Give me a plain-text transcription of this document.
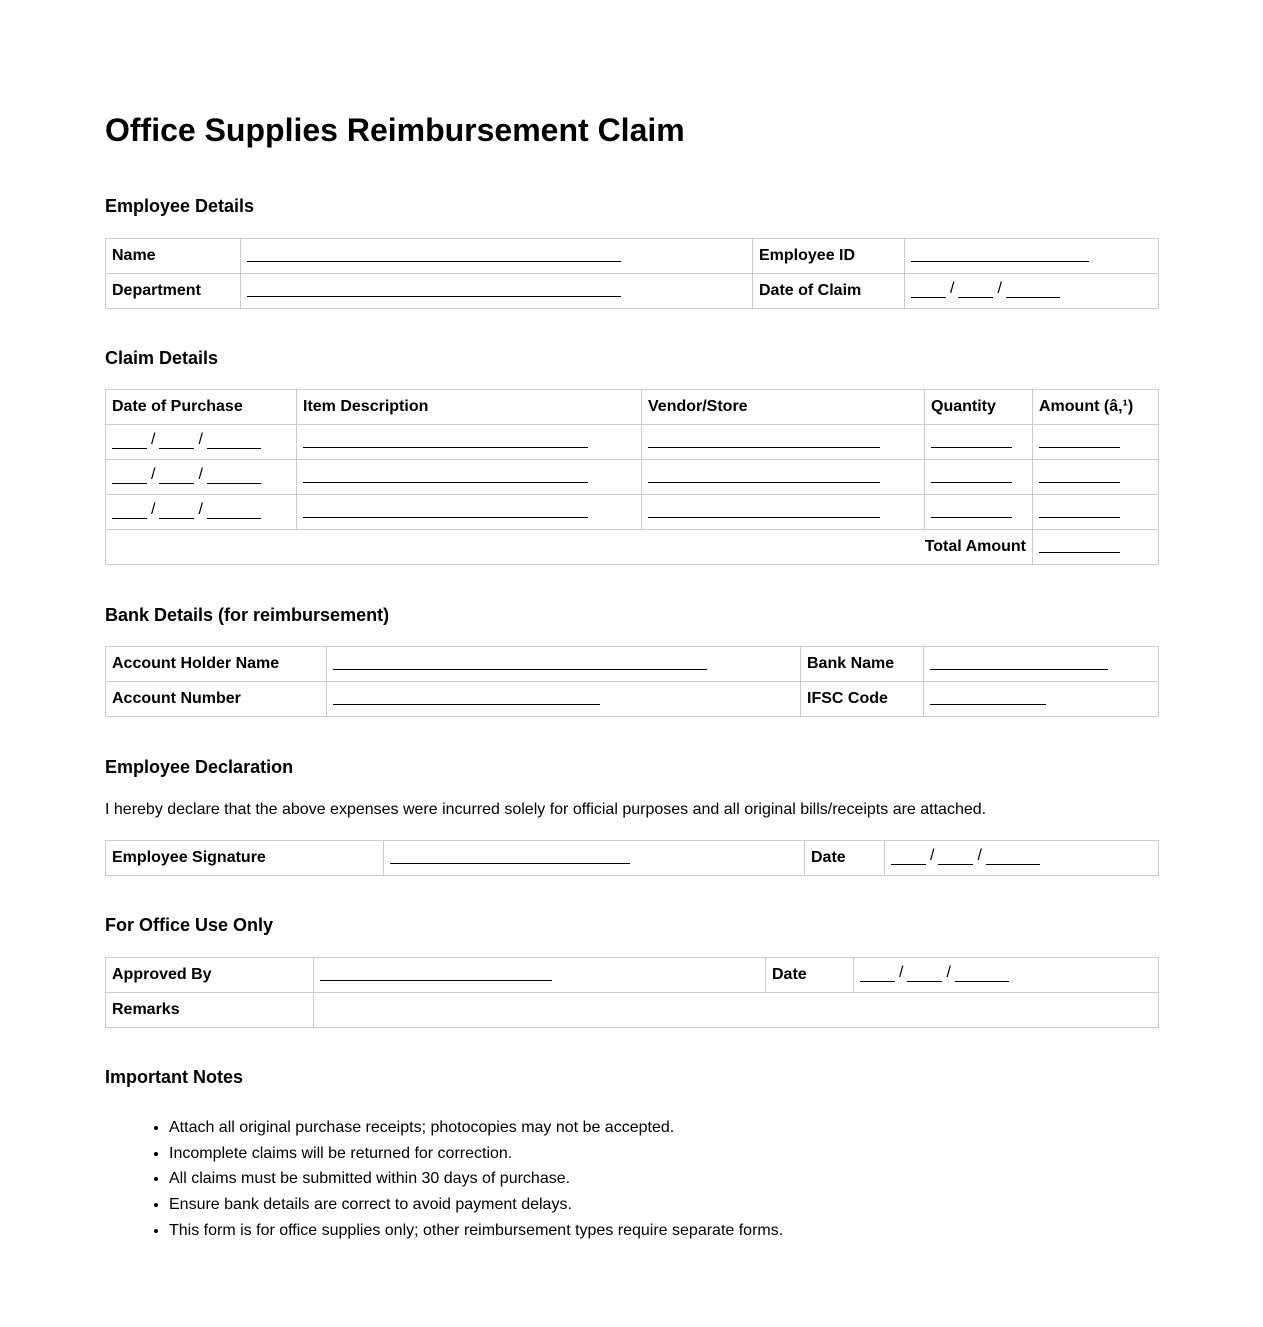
Office Supplies Reimbursement Claim
Employee Details
Name		Employee ID	
Department		Date of Claim	/ /
Claim Details
Date of Purchase	Item Description	Vendor/Store	Quantity	Amount (â‚¹)

/ /				

/ /				

/ /				

Total Amount				
Bank Details (for reimbursement)
Account Holder Name		Bank Name	
Account Number		IFSC Code	
Employee Declaration

I hereby declare that the above expenses were incurred solely for official purposes and all original bills/receipts are attached.

Employee Signature		Date	/	/
For Office Use Only
Approved By		Date	/ /

Remarks			
Important Notes
• Attach all original purchase receipts; photocopies may not be accepted.
• Incomplete claims will be returned for correction.
• All claims must be submitted within 30 days of purchase.
• Ensure bank details are correct to avoid payment delays.
• This form is for office supplies only; other reimbursement types require separate forms.
